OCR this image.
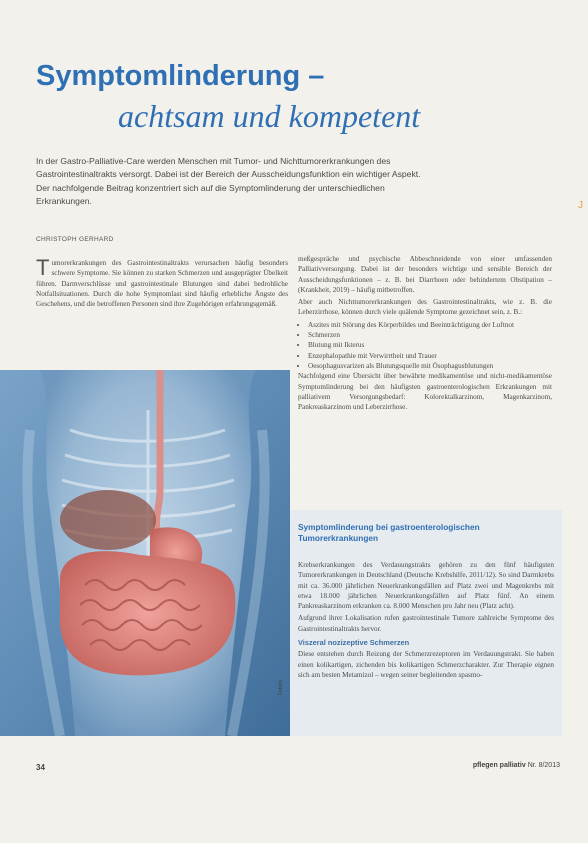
Symptomlinderung –
achtsam und kompetent
J
In der Gastro-Palliative-Care werden Menschen mit Tumor- und Nichttumorerkrankungen des Gastrointestinaltrakts versorgt. Dabei ist der Bereich der Ausscheidungsfunktion ein wichtiger Aspekt. Der nachfolgende Beitrag konzentriert sich auf die Symptomlinderung der unterschiedlichen Erkrankungen.
CHRISTOPH GERHARD

Tumorerkrankungen des Gastrointestinaltrakts verursachen häufig besonders schwere Symptome. Sie können zu starken Schmerzen und ausgeprägter Übelkeit führen. Darmverschlüsse und gastrointestinale Blutungen sind dabei bedrohliche Notfallsituationen. Durch die hohe Symptomlast sind häufig erhebliche Ängste des Geschehens, und die betroffenen Personen sind ihre Zugehörigen erfahrungsgemäß.

meßgespräche und psychische Abbeschneidende von einer umfassenden Palliativversorgung. Dabei ist der besonders wichtige und sensible Bereich der Ausscheidungsfunktionen – z. B. bei Diarrhoen oder behindertem Obstipation – (Krankheit, 2019) – häufig mitbetroffen.

Aber auch Nichttumorerkrankungen des Gastrointestinaltrakts, wie z. B. die Leberzirrhose, können durch viele quälende Symptome gezeichnet sein, z. B.:

• Aszites mit Störung des Körperbildes und Beeinträchtigung der Luftnot
• Schmerzen
• Blutung mit Ikterus
• Enzephalopathie mit Verwirrtheit und Trauer
• Oesophagusvarizen als Blutungsquelle mit Ösophagusblutungen

Nachfolgend eine Übersicht über bewährte medikamentöse und nicht-medikamentöse Symptomlinderung bei den häufigsten gastroenterologischen Erkrankungen mit palliativem Versorgungsbedarf: Kolorektalkarzinom, Magenkarzinom, Pankreaskarzinom und Leberzirrhose.

Fotolia
Symptomlinderung bei gastroenterologischen Tumorerkrankungen

Krebserkrankungen des Verdauungstrakts gehören zu den fünf häufigsten Tumorerkrankungen in Deutschland (Deutsche Krebshilfe, 2011/12). So sind Darmkrebs mit ca. 36.000 jährlichen Neuerkrankungsfällen auf Platz zwei und Magenkrebs mit etwa 18.000 jährlichen Neuerkrankungsfällen auf Platz fünf. An einem Pankreaskarzinom erkranken ca. 8.000 Menschen pro Jahr neu (Platz acht).

Aufgrund ihrer Lokalisation rufen gastrointestinale Tumore zahlreiche Symptome des Gastrointestinaltrakts hervor.

Viszeral nozizeptive Schmerzen

Diese entstehen durch Reizung der Schmerzrezeptoren im Verdauungstrakt. Sie haben einen kolikartigen, zichenden bis kolikartigen Schmerzcharakter. Zur Therapie eignen sich am besten Metamizol – wegen seiner begleitenden spasmo-

34	pflegen palliativ Nr. 8/2013
